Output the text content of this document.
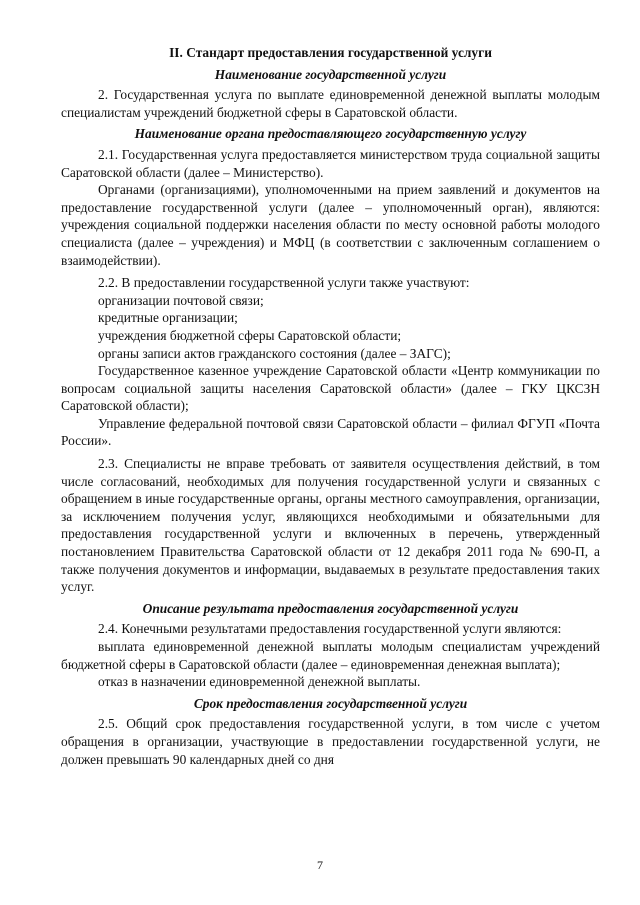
II. Стандарт предоставления государственной услуги
Наименование государственной услуги

2. Государственная услуга по выплате единовременной денежной выплаты молодым специалистам учреждений бюджетной сферы в Саратовской области.

Наименование органа предоставляющего государственную услугу

2.1. Государственная услуга предоставляется министерством труда социальной защиты Саратовской области (далее – Министерство).

Органами (организациями), уполномоченными на прием заявлений и документов на предоставление государственной услуги (далее – уполномоченный орган), являются: учреждения социальной поддержки населения области по месту основной работы молодого специалиста (далее – учреждения) и МФЦ (в соответствии с заключенным соглашением о взаимодействии).

2.2. В предоставлении государственной услуги также участвуют:

организации почтовой связи;

кредитные организации;

учреждения бюджетной сферы Саратовской области;

органы записи актов гражданского состояния (далее – ЗАГС);

Государственное казенное учреждение Саратовской области «Центр коммуникации по вопросам социальной защиты населения Саратовской области» (далее – ГКУ ЦКСЗН Саратовской области);

Управление федеральной почтовой связи Саратовской области – филиал ФГУП «Почта России».

2.3. Специалисты не вправе требовать от заявителя осуществления действий, в том числе согласований, необходимых для получения государственной услуги и связанных с обращением в иные государственные органы, органы местного самоуправления, организации, за исключением получения услуг, являющихся необходимыми и обязательными для предоставления государственной услуги и включенных в перечень, утвержденный постановлением Правительства Саратовской области от 12 декабря 2011 года № 690-П, а также получения документов и информации, выдаваемых в результате предоставления таких услуг.

Описание результата предоставления государственной услуги

2.4. Конечными результатами предоставления государственной услуги являются:

выплата единовременной денежной выплаты молодым специалистам учреждений бюджетной сферы в Саратовской области (далее – единовременная денежная выплата);

отказ в назначении единовременной денежной выплаты.

Срок предоставления государственной услуги

2.5. Общий срок предоставления государственной услуги, в том числе с учетом обращения в организации, участвующие в предоставлении государственной услуги, не должен превышать 90 календарных дней со дня

7
